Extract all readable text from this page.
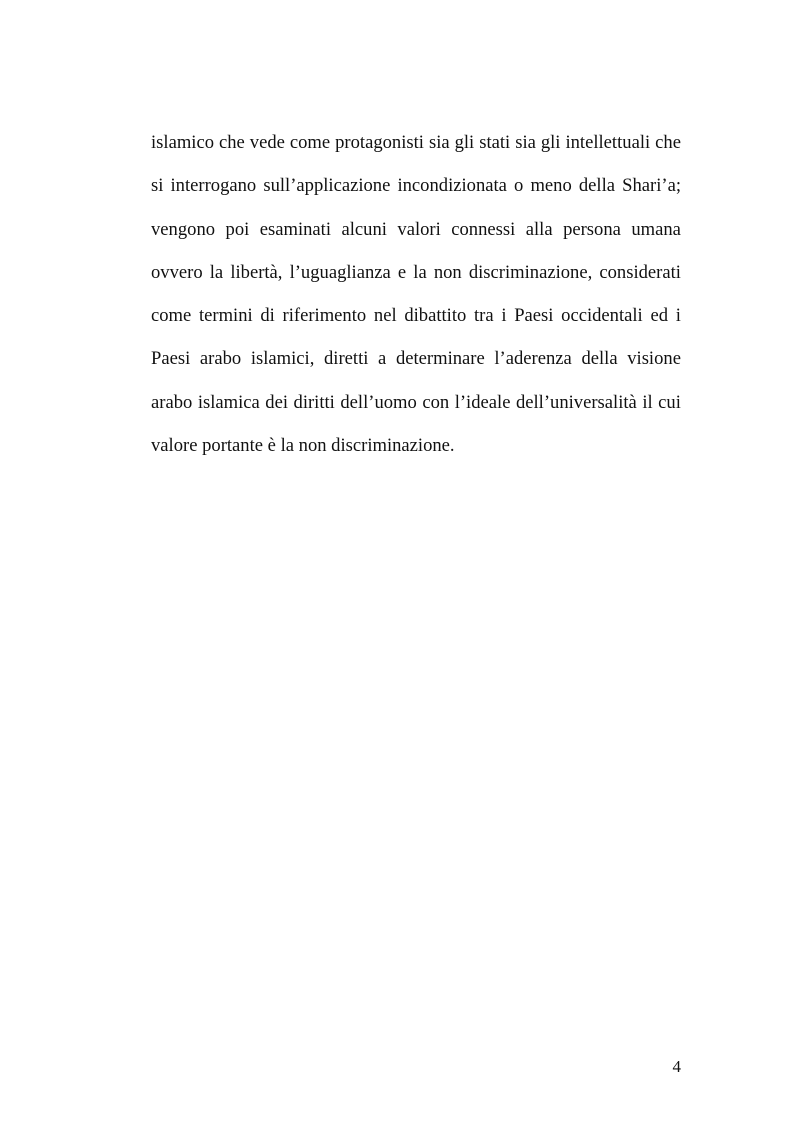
islamico che vede come protagonisti sia gli stati sia gli intellettuali che
si interrogano sull’applicazione incondizionata o meno della Shari’a;
vengono poi esaminati alcuni valori connessi alla persona umana
ovvero la libertà, l’uguaglianza e la non discriminazione, considerati
come termini di riferimento nel dibattito tra i Paesi occidentali ed i
Paesi arabo islamici, diretti a determinare l’aderenza della visione
arabo islamica dei diritti dell’uomo con l’ideale dell’universalità il cui
valore portante è la non discriminazione.
4
